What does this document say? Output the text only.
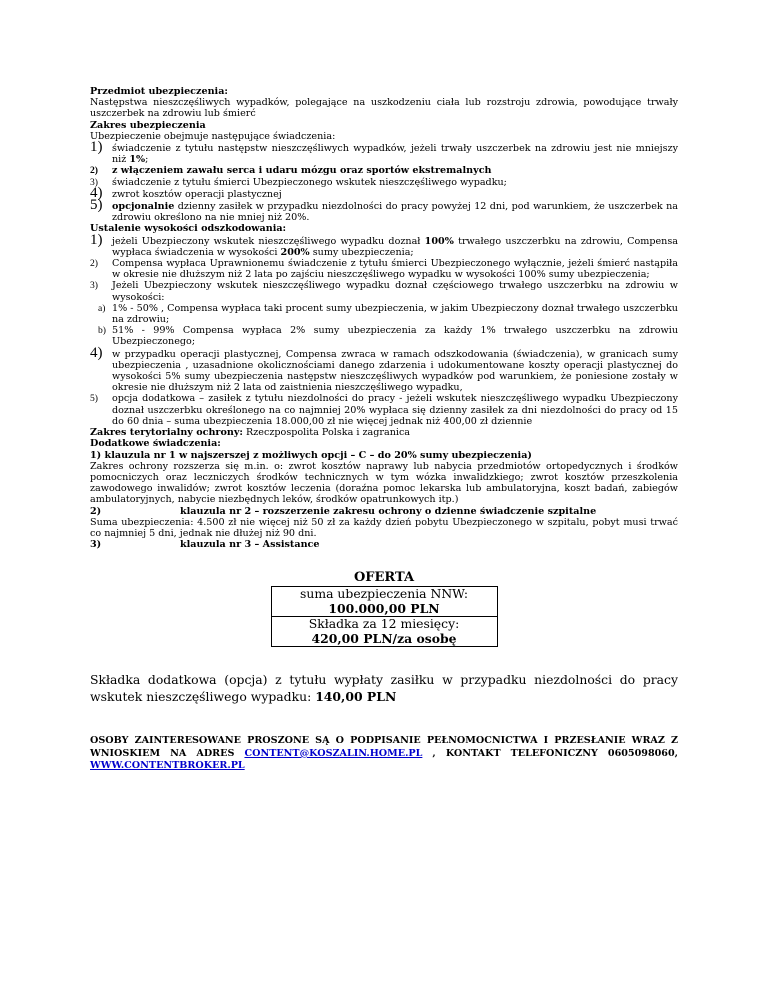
Przedmiot ubezpieczenia:

Następstwa nieszczęśliwych wypadków, polegające na uszkodzeniu ciała lub rozstroju zdrowia, powodujące trwały uszczerbek na zdrowiu lub śmierć

Zakres ubezpieczenia

Ubezpieczenie obejmuje następujące świadczenia:

1) świadczenie z tytułu następstw nieszczęśliwych wypadków, jeżeli trwały uszczerbek na zdrowiu jest nie mniejszy niż 1%;
2)	z włączeniem zawału serca i udaru mózgu oraz sportów ekstremalnych
3)	świadczenie z tytułu śmierci Ubezpieczonego wskutek nieszczęśliwego wypadku;
4) zwrot kosztów operacji plastycznej
5) opcjonalnie dzienny zasiłek w przypadku niezdolności do pracy powyżej 12 dni, pod warunkiem, że uszczerbek na zdrowiu określono na nie mniej niż 20%.

Ustalenie wysokości odszkodowania:

1) jeżeli Ubezpieczony wskutek nieszczęśliwego wypadku doznał 100% trwałego uszczerbku na zdrowiu, Compensa wypłaca świadczenia w wysokości 200% sumy ubezpieczenia;
2)	Compensa wypłaca Uprawnionemu świadczenie z tytułu śmierci Ubezpieczonego wyłącznie, jeżeli śmierć nastąpiła w okresie nie dłuższym niż 2 lata po zajściu nieszczęśliwego wypadku w wysokości 100% sumy ubezpieczenia;
3)	Jeżeli Ubezpieczony wskutek nieszczęśliwego wypadku doznał częściowego trwałego uszczerbku na zdrowiu w wysokości:
a) 1% - 50% , Compensa wypłaca taki procent sumy ubezpieczenia, w jakim Ubezpieczony doznał trwałego uszczerbku na zdrowiu;
b) 51% - 99% Compensa wypłaca 2% sumy ubezpieczenia za każdy 1% trwałego uszczerbku na zdrowiu Ubezpieczonego;
4) w przypadku operacji plastycznej, Compensa zwraca w ramach odszkodowania (świadczenia), w granicach sumy ubezpieczenia , uzasadnione okolicznościami danego zdarzenia i udokumentowane koszty operacji plastycznej do wysokości 5% sumy ubezpieczenia następstw nieszczęśliwych wypadków pod warunkiem, że poniesione zostały w okresie nie dłuższym niż 2 lata od zaistnienia nieszczęśliwego wypadku,
5)	opcja dodatkowa – zasiłek z tytułu niezdolności do pracy - jeżeli wskutek nieszczęśliwego wypadku Ubezpieczony doznał uszczerbku określonego na co najmniej 20% wypłaca się dzienny zasiłek za dni niezdolności do pracy od 15 do 60 dnia – suma ubezpieczenia 18.000,00 zł nie więcej jednak niż 400,00 zł dziennie

Zakres terytorialny ochrony: Rzeczpospolita Polska i zagranica

Dodatkowe świadczenia:

1) klauzula nr 1 w najszerszej z możliwych opcji – C – do 20% sumy ubezpieczenia)

Zakres ochrony rozszerza się m.in. o: zwrot kosztów naprawy lub nabycia przedmiotów ortopedycznych i środków pomocniczych oraz leczniczych środków technicznych w tym wózka inwalidzkiego; zwrot kosztów przeszkolenia zawodowego inwalidów; zwrot kosztów leczenia (doraźna pomoc lekarska lub ambulatoryjna, koszt badań, zabiegów ambulatoryjnych, nabycie niezbędnych leków, środków opatrunkowych itp.)

2)	klauzula nr 2 – rozszerzenie zakresu ochrony o dzienne świadczenie szpitalne

Suma ubezpieczenia: 4.500 zł nie więcej niż 50 zł za każdy dzień pobytu Ubezpieczonego w szpitalu, pobyt musi trwać co najmniej 5 dni, jednak nie dłużej niż 90 dni.

3)	klauzula nr 3 – Assistance
OFERTA
suma ubezpieczenia NNW:
100.000,00 PLN
Składka za 12 miesięcy:
420,00 PLN/za osobę

Składka dodatkowa (opcja) z tytułu wypłaty zasiłku w przypadku niezdolności do pracy wskutek nieszczęśliwego wypadku: 140,00 PLN

OSOBY ZAINTERESOWANE PROSZONE SĄ O PODPISANIE PEŁNOMOCNICTWA I PRZESŁANIE WRAZ Z WNIOSKIEM NA ADRES CONTENT@KOSZALIN.HOME.PL , KONTAKT TELEFONICZNY 0605098060, WWW.CONTENTBROKER.PL
